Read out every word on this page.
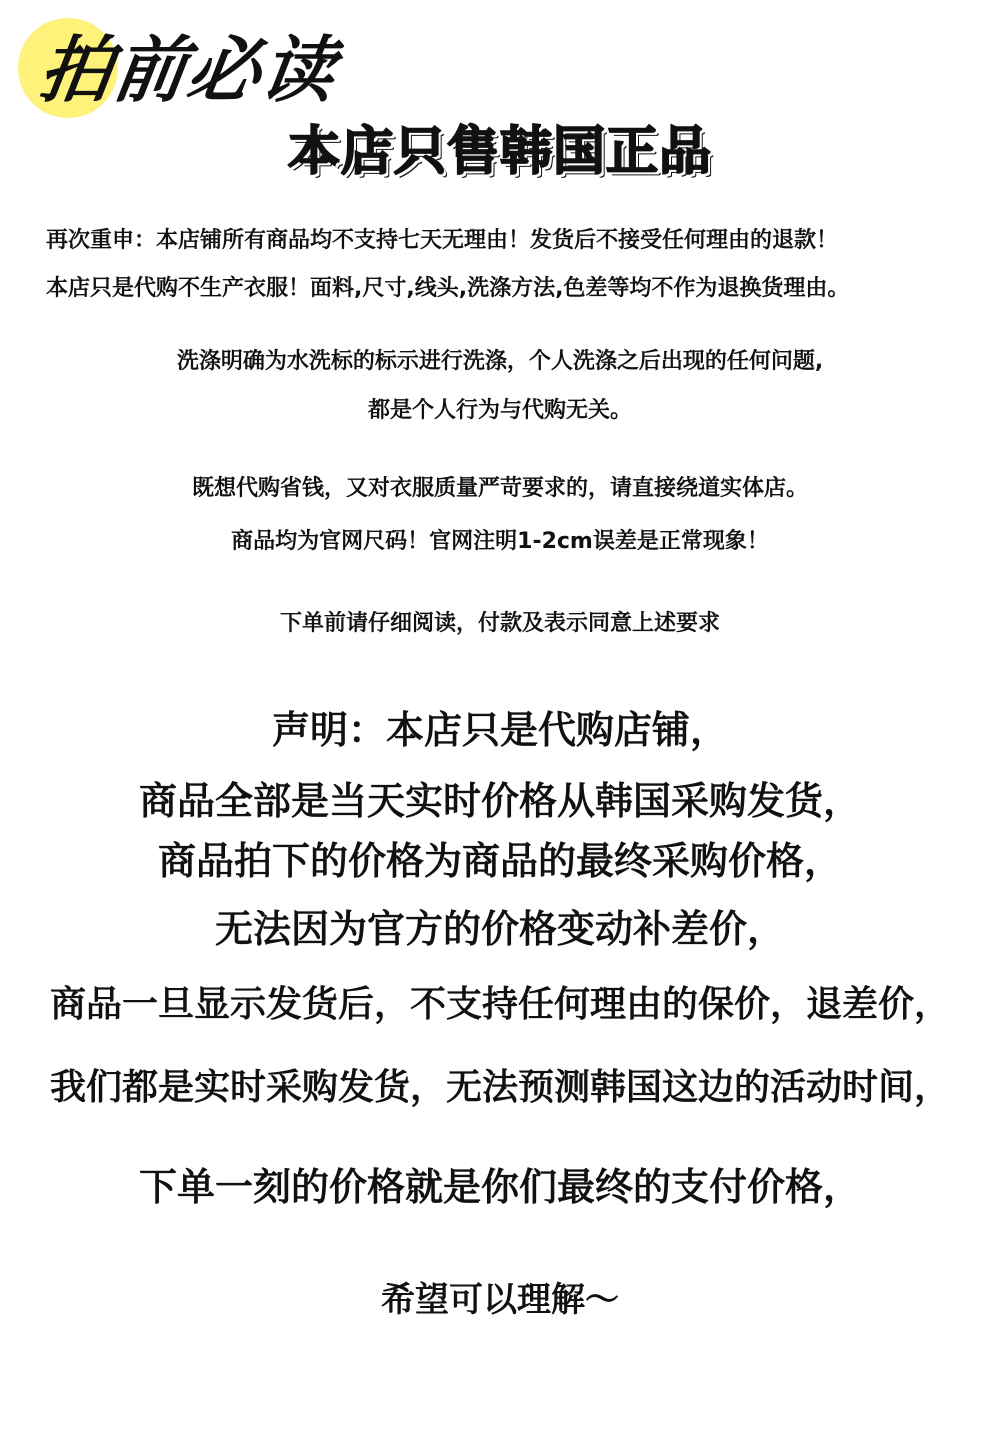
拍前必读
本店只售韩国正品
再次重申：本店铺所有商品均不支持七天无理由！发货后不接受任何理由的退款！
本店只是代购不生产衣服！面料,尺寸,线头,洗涤方法,色差等均不作为退换货理由。
洗涤明确为水洗标的标示进行洗涤，个人洗涤之后出现的任何问题,
都是个人行为与代购无关。
既想代购省钱，又对衣服质量严苛要求的，请直接绕道实体店。
商品均为官网尺码！官网注明1-2cm误差是正常现象！
下单前请仔细阅读，付款及表示同意上述要求
声明：本店只是代购店铺，
商品全部是当天实时价格从韩国采购发货，
商品拍下的价格为商品的最终采购价格，
无法因为官方的价格变动补差价，
商品一旦显示发货后，不支持任何理由的保价，退差价，
我们都是实时采购发货，无法预测韩国这边的活动时间，
下单一刻的价格就是你们最终的支付价格，
希望可以理解～
